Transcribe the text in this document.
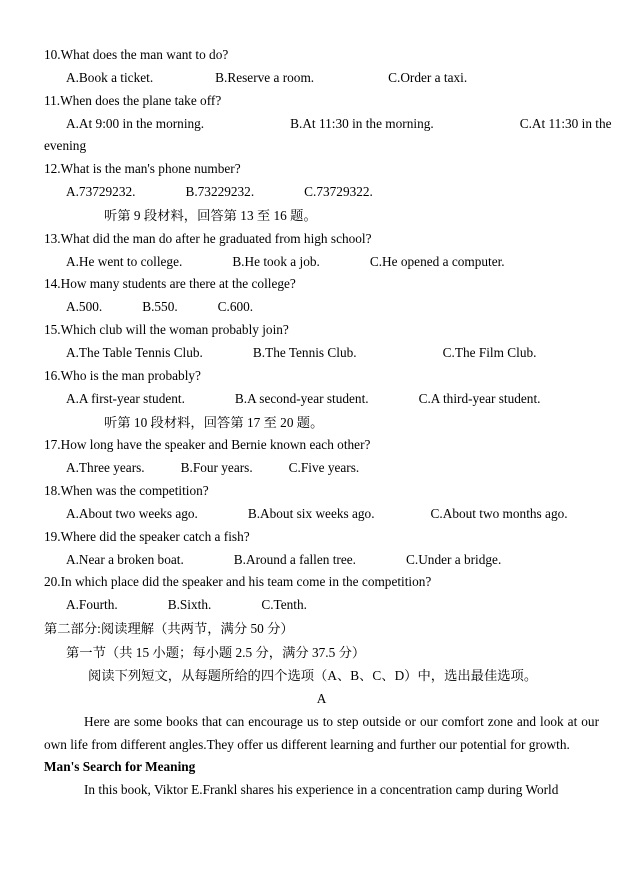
10.What does the man want to do?
A.Book a ticket.	B.Reserve a room.	C.Order a taxi.
11.When does the plane take off?
A.At 9:00 in the morning.	B.At 11:30 in the morning.	C.At 11:30 in the
evening
12.What is the man's phone number?
A.73729232.	B.73229232.	C.73729322.
听第 9 段材料，回答第 13 至 16 题。
13.What did the man do after he graduated from high school?
A.He went to college.	B.He took a job.	C.He opened a computer.
14.How many students are there at the college?
A.500.	B.550.	C.600.
15.Which club will the woman probably join?
A.The Table Tennis Club.	B.The Tennis Club.	C.The Film Club.
16.Who is the man probably?
A.A first-year student.	B.A second-year student.	C.A third-year student.
听第 10 段材料，回答第 17 至 20 题。
17.How long have the speaker and Bernie known each other?
A.Three years.	B.Four years.	C.Five years.
18.When was the competition?
A.About two weeks ago.	B.About six weeks ago.	C.About two months ago.
19.Where did the speaker catch a fish?
A.Near a broken boat.	B.Around a fallen tree.	C.Under a bridge.
20.In which place did the speaker and his team come in the competition?
A.Fourth.	B.Sixth.	C.Tenth.
第二部分:阅读理解（共两节，满分 50 分）
第一节（共 15 小题；每小题 2.5 分，满分 37.5 分）
阅读下列短文，从每题所给的四个选项（A、B、C、D）中，选出最佳选项。
A
Here are some books that can encourage us to step outside or our comfort zone and look at our own life from different angles.They offer us different learning and further our potential for growth.
Man's Search for Meaning
In this book, Viktor E.Frankl shares his experience in a concentration camp during World
